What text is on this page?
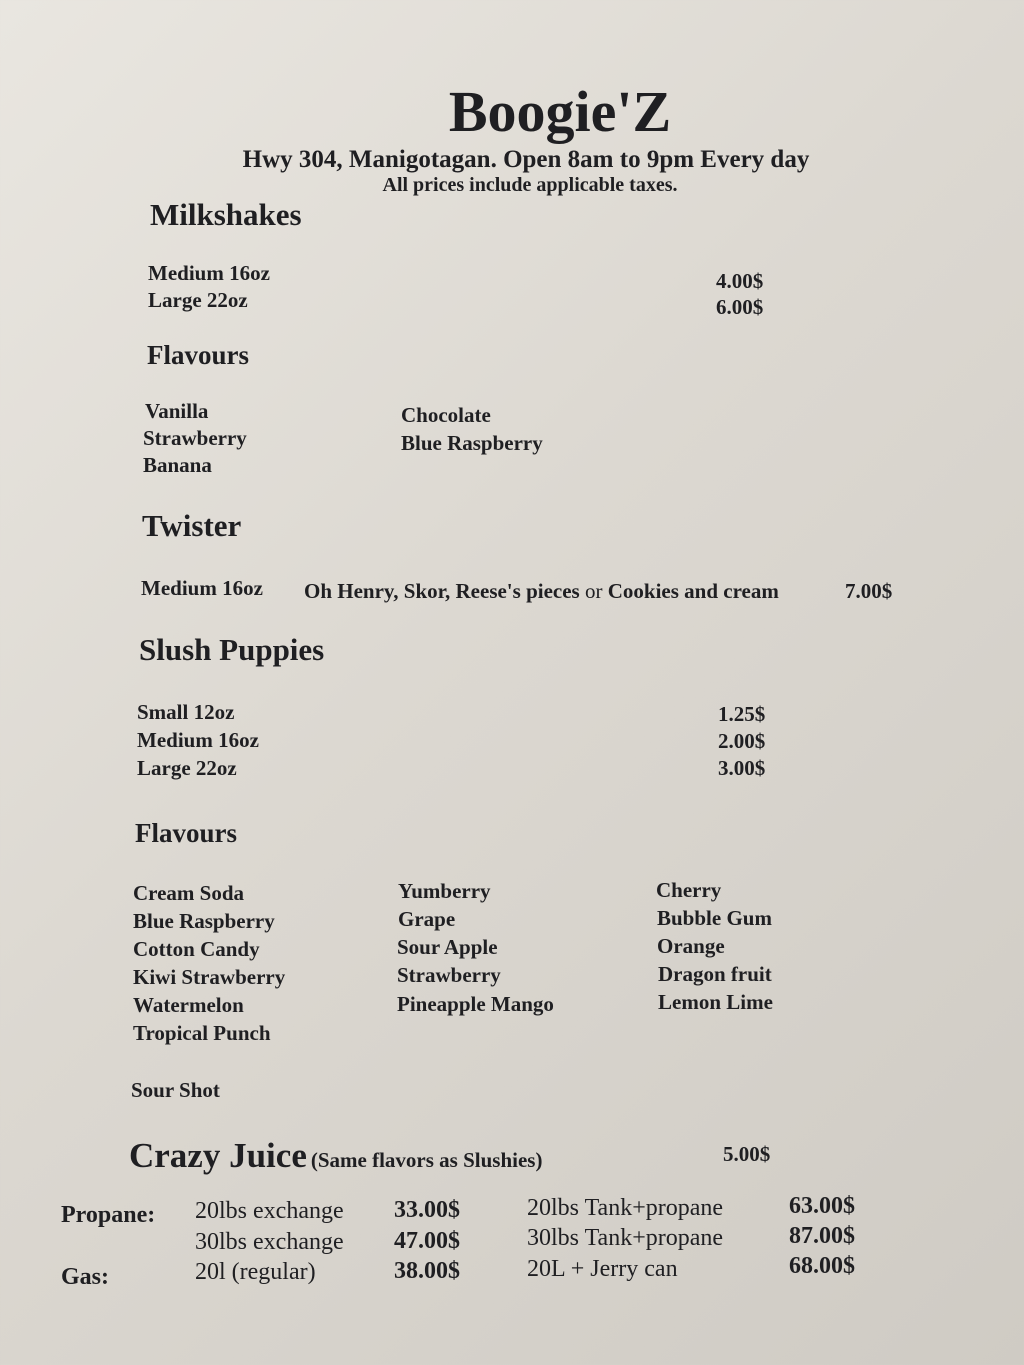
Boogie'Z
Hwy 304, Manigotagan. Open 8am to 9pm Every day
All prices include applicable taxes.
Milkshakes
Medium 16oz	4.00$
Large 22oz	6.00$
Flavours
Vanilla
Strawberry
Banana
Chocolate
Blue Raspberry
Twister
Medium 16oz Oh Henry, Skor, Reese's pieces or Cookies and cream	7.00$
Slush Puppies
Small 12oz	1.25$
Medium 16oz	2.00$
Large 22oz	3.00$
Flavours
Cream Soda
Blue Raspberry
Cotton Candy
Kiwi Strawberry
Watermelon
Tropical Punch
Yumberry
Grape
Sour Apple
Strawberry
Pineapple Mango
Cherry
Bubble Gum
Orange
Dragon fruit
Lemon Lime
Sour Shot
Crazy Juice (Same flavors as Slushies)	5.00$
Propane: 20lbs exchange 33.00$	20lbs Tank+propane	63.00$
30lbs exchange 47.00$	30lbs Tank+propane	87.00$
Gas:	20l (regular)	38.00$	20L + Jerry can	68.00$
